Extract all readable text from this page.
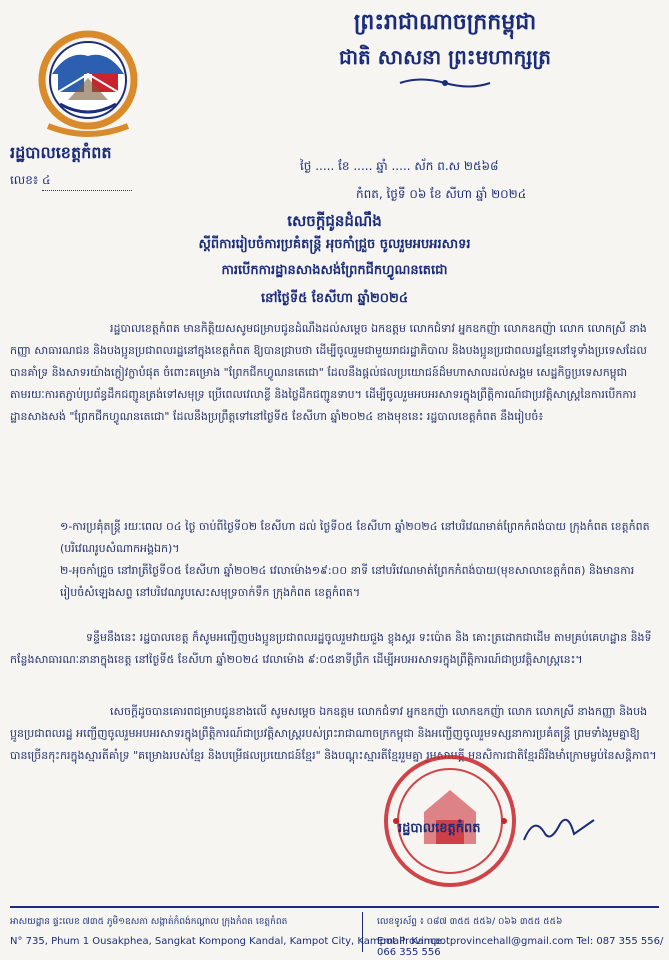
រដ្ឋបាលខេត្តកំពត
លេខ៖ ៤
ព្រះរាជាណាចក្រកម្ពុជា
ជាតិ សាសនា ព្រះមហាក្សត្រ
ថ្ងៃ ..... ខែ ..... ឆ្នាំ ..... ស័ក ព.ស ២៥៦៨
កំពត, ថ្ងៃទី ០៦ ខែ សីហា ឆ្នាំ ២០២៤
សេចក្តីជូនដំណឹង
ស្តីពីការរៀបចំការប្រគំតន្ត្រី អុចកាំជ្រួច ចូលរួមអបអរសាទរ
ការបើកការដ្ឋានសាងសង់ព្រែកជីកហ្វូណនតេជោ
នៅថ្ងៃទី៥ ខែសីហា ឆ្នាំ២០២៤
រដ្ឋបាលខេត្តកំពត មានកិត្តិយសសូមជម្រាបជូនដំណឹងដល់សម្តេច ឯកឧត្តម លោកជំទាវ អ្នកឧកញ៉ា លោកឧកញ៉ា លោក លោកស្រី នាងកញ្ញា សាធារណជន និងបងប្អូនប្រជាពលរដ្ឋនៅក្នុងខេត្តកំពត ឱ្យបានជ្រាបថា ដើម្បីចូលរួមជាមួយរាជរដ្ឋាភិបាល និងបងប្អូនប្រជាពលរដ្ឋខ្មែរនៅទូទាំងប្រទេសដែលបានគាំទ្រ និងសាទរយ៉ាងក្លៀវក្លាបំផុត ចំពោះគម្រោង "ព្រែកជីកហ្វូណនតេជោ" ដែលនឹងផ្តល់ផលប្រយោជន៍ដ៏មហាសាលដល់សង្គម សេដ្ឋកិច្ចប្រទេសកម្ពុជា តាមរយៈការតភ្ជាប់ប្រព័ន្ធដឹកជញ្ជូនត្រង់ទៅសមុទ្រ ប្រើពេលវេលាខ្លី និងថ្លៃដឹកជញ្ជូនទាប។ ដើម្បីចូលរួមអបអរសាទរក្នុងព្រឹត្តិការណ៍ជាប្រវត្តិសាស្ត្រនៃការបើកការដ្ឋានសាងសង់ "ព្រែកជីកហ្វូណនតេជោ" ដែលនឹងប្រព្រឹត្តទៅនៅថ្ងៃទី៥ ខែសីហា ឆ្នាំ២០២៤ ខាងមុខនេះ រដ្ឋបាលខេត្តកំពត នឹងរៀបចំ៖
១-ការប្រគុំតន្ត្រី រយៈពេល ០៤ ថ្ងៃ ចាប់ពីថ្ងៃទី០២ ខែសីហា ដល់ ថ្ងៃទី០៥ ខែសីហា ឆ្នាំ២០២៤ នៅបរិវេណមាត់ព្រែកកំពង់បាយ ក្រុងកំពត ខេត្តកំពត (បរិវេណរូបសំណាកអង្គឯក)។
២-អុចកាំជ្រួច នៅរាត្រីថ្ងៃទី០៥ ខែសីហា ឆ្នាំ២០២៤ វេលាម៉ោង១៩:០០ នាទី នៅបរិវេណមាត់ព្រែកកំពង់បាយ(មុខសាលាខេត្តកំពត) និងមានការរៀបចំសំឡេងសព្ទ នៅបរិវេណរូបសេះសមុទ្រចាក់ទឹក ក្រុងកំពត ខេត្តកំពត។
ទន្ទឹមនឹងនេះ រដ្ឋបាលខេត្ត ក៏សូមអញ្ជើញបងប្អូនប្រជាពលរដ្ឋចូលរួមវាយជួង ខ្លុងស្គរ ទះប៉ោត និង គោះត្រដោកជាដើម តាមគ្រប់គេហដ្ឋាន និងទីកន្លែងសាធារណៈនានាក្នុងខេត្ត នៅថ្ងៃទី៥ ខែសីហា ឆ្នាំ២០២៤ វេលាម៉ោង ៩:០៥នាទីព្រឹក ដើម្បីអបអរសាទរក្នុងព្រឹត្តិការណ៍ជាប្រវត្តិសាស្ត្រនេះ។
សេចក្តីដូចបានគោរពជម្រាបជូនខាងលើ សូមសម្តេច ឯកឧត្តម លោកជំទាវ អ្នកឧកញ៉ា លោកឧកញ៉ា លោក លោកស្រី នាងកញ្ញា និងបងប្អូនប្រជាពលរដ្ឋ អញ្ជើញចូលរួមអបអរសាទរក្នុងព្រឹត្តិការណ៍ជាប្រវត្តិសាស្ត្ររបស់ព្រះរាជាណាចក្រកម្ពុជា និងអញ្ជើញចូលរួមទស្សនាការប្រគំតន្ត្រី ព្រមទាំងរួមគ្នាឱ្យបានច្រើនកុះករក្នុងស្មារតីគាំទ្រ "គម្រោងរបស់ខ្មែរ និងបម្រើផលប្រយោជន៍ខ្មែរ" និងបណ្តុះស្មារតីខ្មែររួមគ្នា រួមសាមគ្គី មនសិការជាតិខ្មែរដ៏រឹងមាំក្រោមម្លប់នៃសន្តិភាព។
រដ្ឋបាលខេត្តកំពត
អាសយដ្ឋាន ផ្ទះលេខ ៧៣៥ ភូមិ១ឧសភា សង្កាត់កំពង់កណ្តាល ក្រុងកំពត ខេត្តកំពត
N° 735, Phum 1 Ousakphea, Sangkat Kompong Kandal, Kampot City, Kampot Province.
លេខទូរស័ព្ទ ៖ ០៨៧ ៣៥៥ ៥៥៦/ ០៦៦ ៣៥៥ ៥៥៦
Email: Kampotprovincehall@gmail.com Tel: 087 355 556/ 066 355 556
